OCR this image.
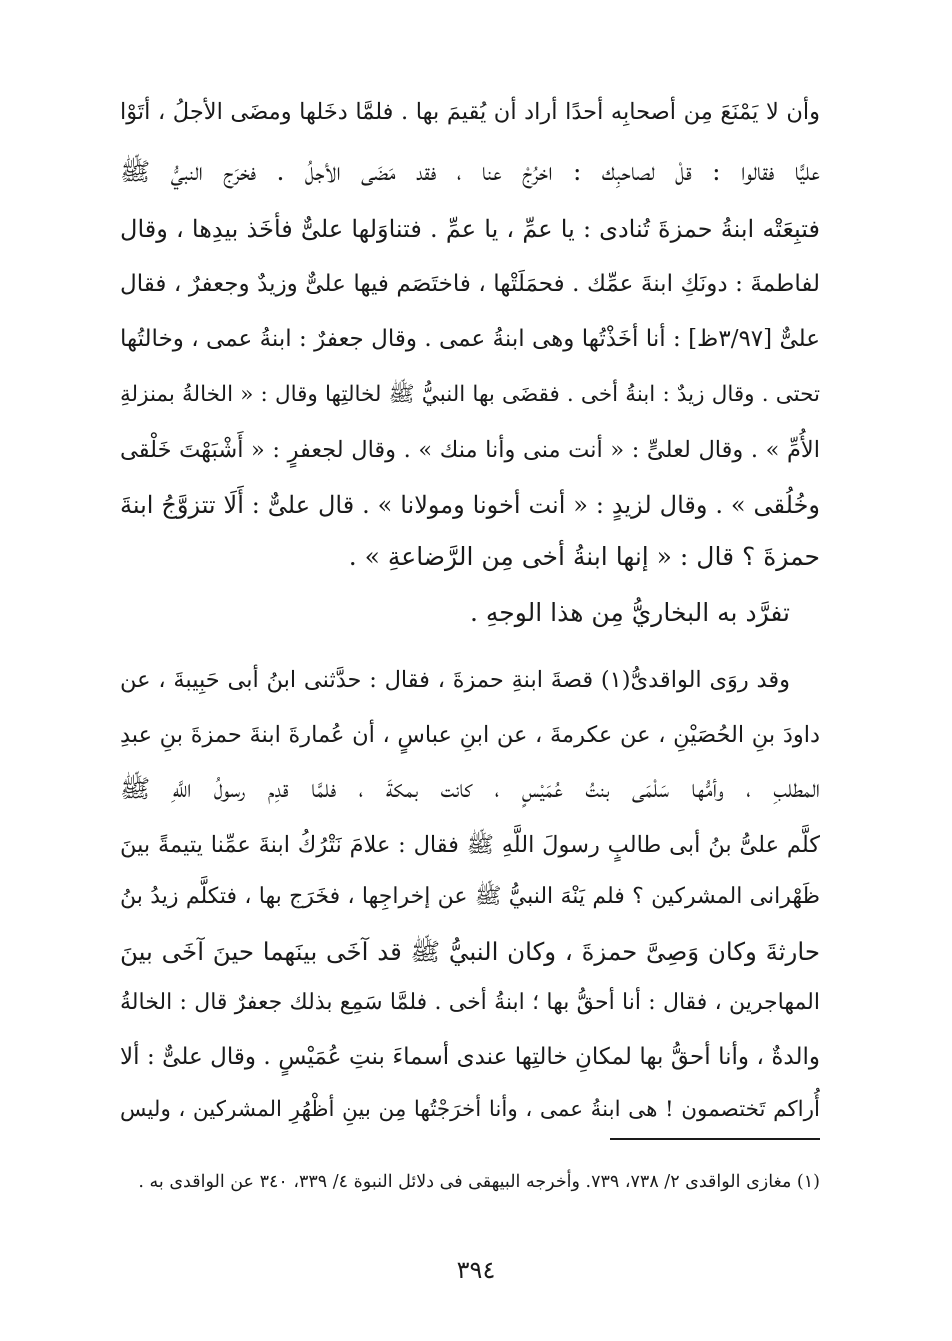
وأن لا يَمْنَعَ مِن أصحابِه أحدًا أراد أن يُقيمَ بها . فلمَّا دخَلها ومضَى الأجلُ ، أتَوْا
عليًّا فقالوا : قلْ لصاحبِك : اخرُجْ عنا ، فقد مَضَى الأجلُ . فخرَج النبيُّ ﷺ
فتبِعَتْه ابنةُ حمزةَ تُنادى : يا عمِّ ، يا عمِّ . فتناوَلها علىٌّ فأخَذ بيدِها ، وقال
لفاطمةَ : دونَكِ ابنةَ عمِّك . فحمَلَتْها ، فاختَصَم فيها علىٌّ وزيدٌ وجعفرٌ ، فقال
علىٌّ [٣/٩٧ظ] : أنا أخَذْتُها وهى ابنةُ عمى . وقال جعفرٌ : ابنةُ عمى ، وخالتُها
تحتى . وقال زيدٌ : ابنةُ أخى . فقضَى بها النبيُّ ﷺ لخالتِها وقال : « الخالةُ بمنزلةِ
الأُمِّ » . وقال لعلىٍّ : « أنت منى وأنا منك » . وقال لجعفرٍ : « أَشْبَهْتَ خَلْقى
وخُلُقى » . وقال لزيدٍ : « أنت أخونا ومولانا » . قال علىٌّ : أَلَا تتزوَّجُ ابنةَ
حمزةَ ؟ قال : « إنها ابنةُ أخى مِن الرَّضاعةِ » .
تفرَّد به البخاريُّ مِن هذا الوجهِ .
وقد روَى الواقدىُّ(١) قصةَ ابنةِ حمزةَ ، فقال : حدَّثنى ابنُ أبى حَبِيبةَ ، عن
داودَ بنِ الحُصَيْنِ ، عن عكرمةَ ، عن ابنِ عباسٍ ، أن عُمارةَ ابنةَ حمزةَ بنِ عبدِ
المطلبِ ، وأمُّها سَلْمَى بنتُ عُمَيْسٍ ، كانت بمكةَ ، فلمَّا قدِم رسولُ اللَّهِ ﷺ
كلَّم علىُّ بنُ أبى طالبٍ رسولَ اللَّهِ ﷺ فقال : علامَ نَتْرُكُ ابنةَ عمِّنا يتيمةً بينَ
ظَهْرانى المشركين ؟ فلم يَنْهَ النبيُّ ﷺ عن إخراجِها ، فخَرَج بها ، فتكلَّم زيدُ بنُ
حارثةَ وكان وَصِىَّ حمزةَ ، وكان النبيُّ ﷺ قد آخَى بينَهما حينَ آخَى بينَ
المهاجرين ، فقال : أنا أحقُّ بها ؛ ابنةُ أخى . فلمَّا سَمِع بذلك جعفرٌ قال : الخالةُ
والدةٌ ، وأنا أحقُّ بها لمكانِ خالتِها عندى أسماءَ بنتِ عُمَيْسٍ . وقال علىٌّ : ألا
أُراكم تَختصمون ! هى ابنةُ عمى ، وأنا أخرَجْتُها مِن بينِ أظْهُرِ المشركين ، وليس
(١) مغازى الواقدى ٢/ ٧٣٨، ٧٣٩. وأخرجه البيهقى فى دلائل النبوة ٤/ ٣٣٩، ٣٤٠ عن الواقدى به .
٣٩٤
